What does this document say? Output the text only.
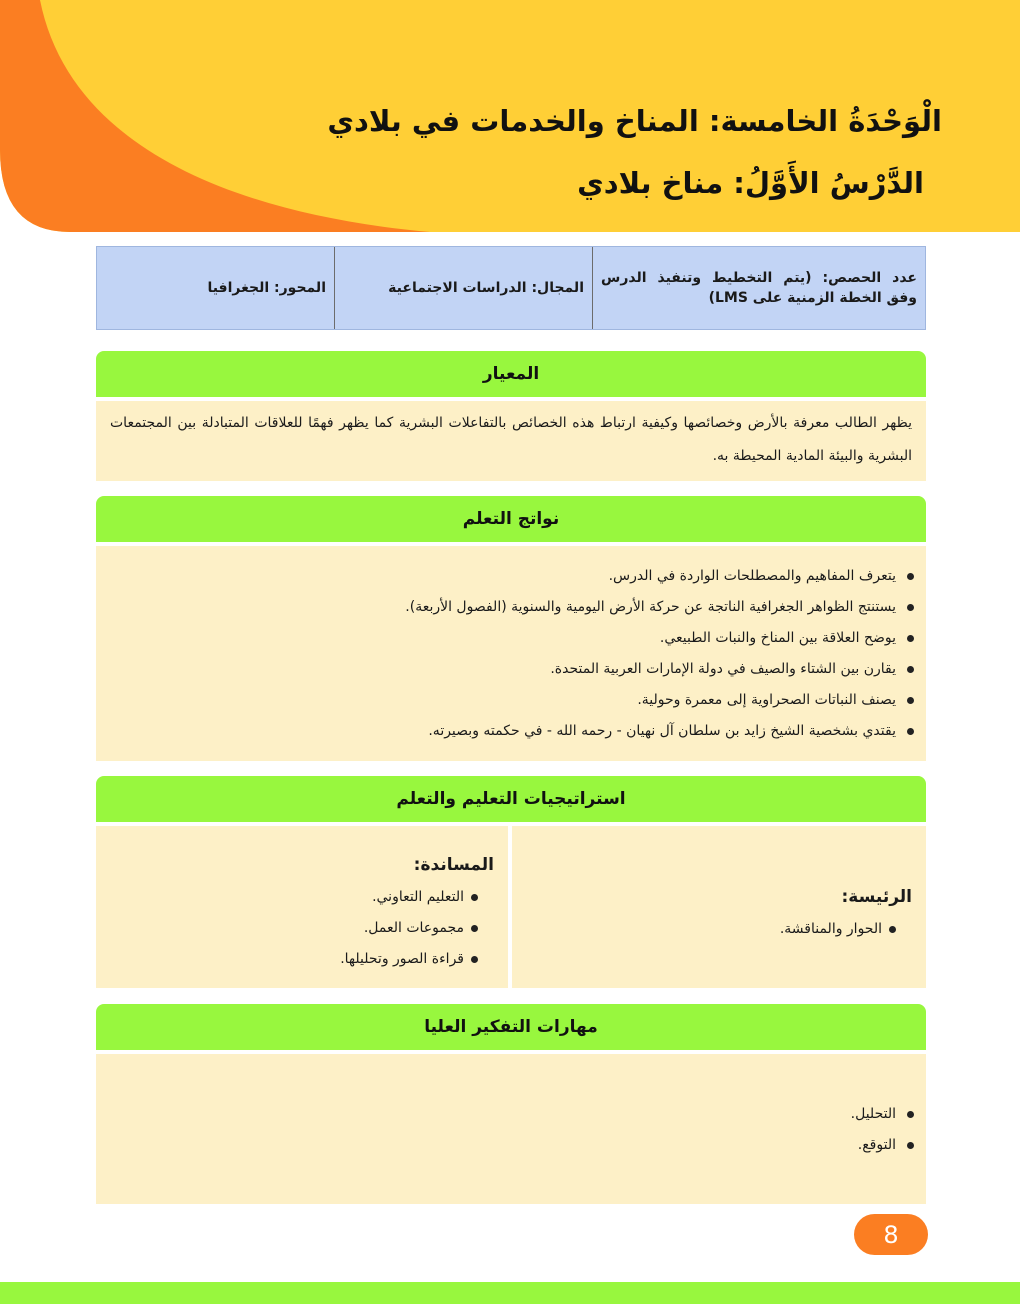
الْوَحْدَةُ الخامسة: المناخ والخدمات في بلادي
الدَّرْسُ الأَوَّلُ: مناخ بلادي
عدد الحصص: (يتم التخطيط وتنفيذ الدرس وفق الخطة الزمنية على LMS)
المجال: الدراسات الاجتماعية
المحور: الجغرافيا
المعيار
يظهر الطالب معرفة بالأرض وخصائصها وكيفية ارتباط هذه الخصائص بالتفاعلات البشرية كما يظهر فهمًا للعلاقات المتبادلة بين المجتمعات البشرية والبيئة المادية المحيطة به.
نواتج التعلم
يتعرف المفاهيم والمصطلحات الواردة في الدرس.
يستنتج الظواهر الجغرافية الناتجة عن حركة الأرض اليومية والسنوية (الفصول الأربعة).
يوضح العلاقة بين المناخ والنبات الطبيعي.
يقارن بين الشتاء والصيف في دولة الإمارات العربية المتحدة.
يصنف النباتات الصحراوية إلى معمرة وحولية.
يقتدي بشخصية الشيخ زايد بن سلطان آل نهيان - رحمه الله - في حكمته وبصيرته.
استراتيجيات التعليم والتعلم
الرئيسة:
الحوار والمناقشة.
المساندة:
التعليم التعاوني.
مجموعات العمل.
قراءة الصور وتحليلها.
مهارات التفكير العليا
التحليل.
التوقع.
8
